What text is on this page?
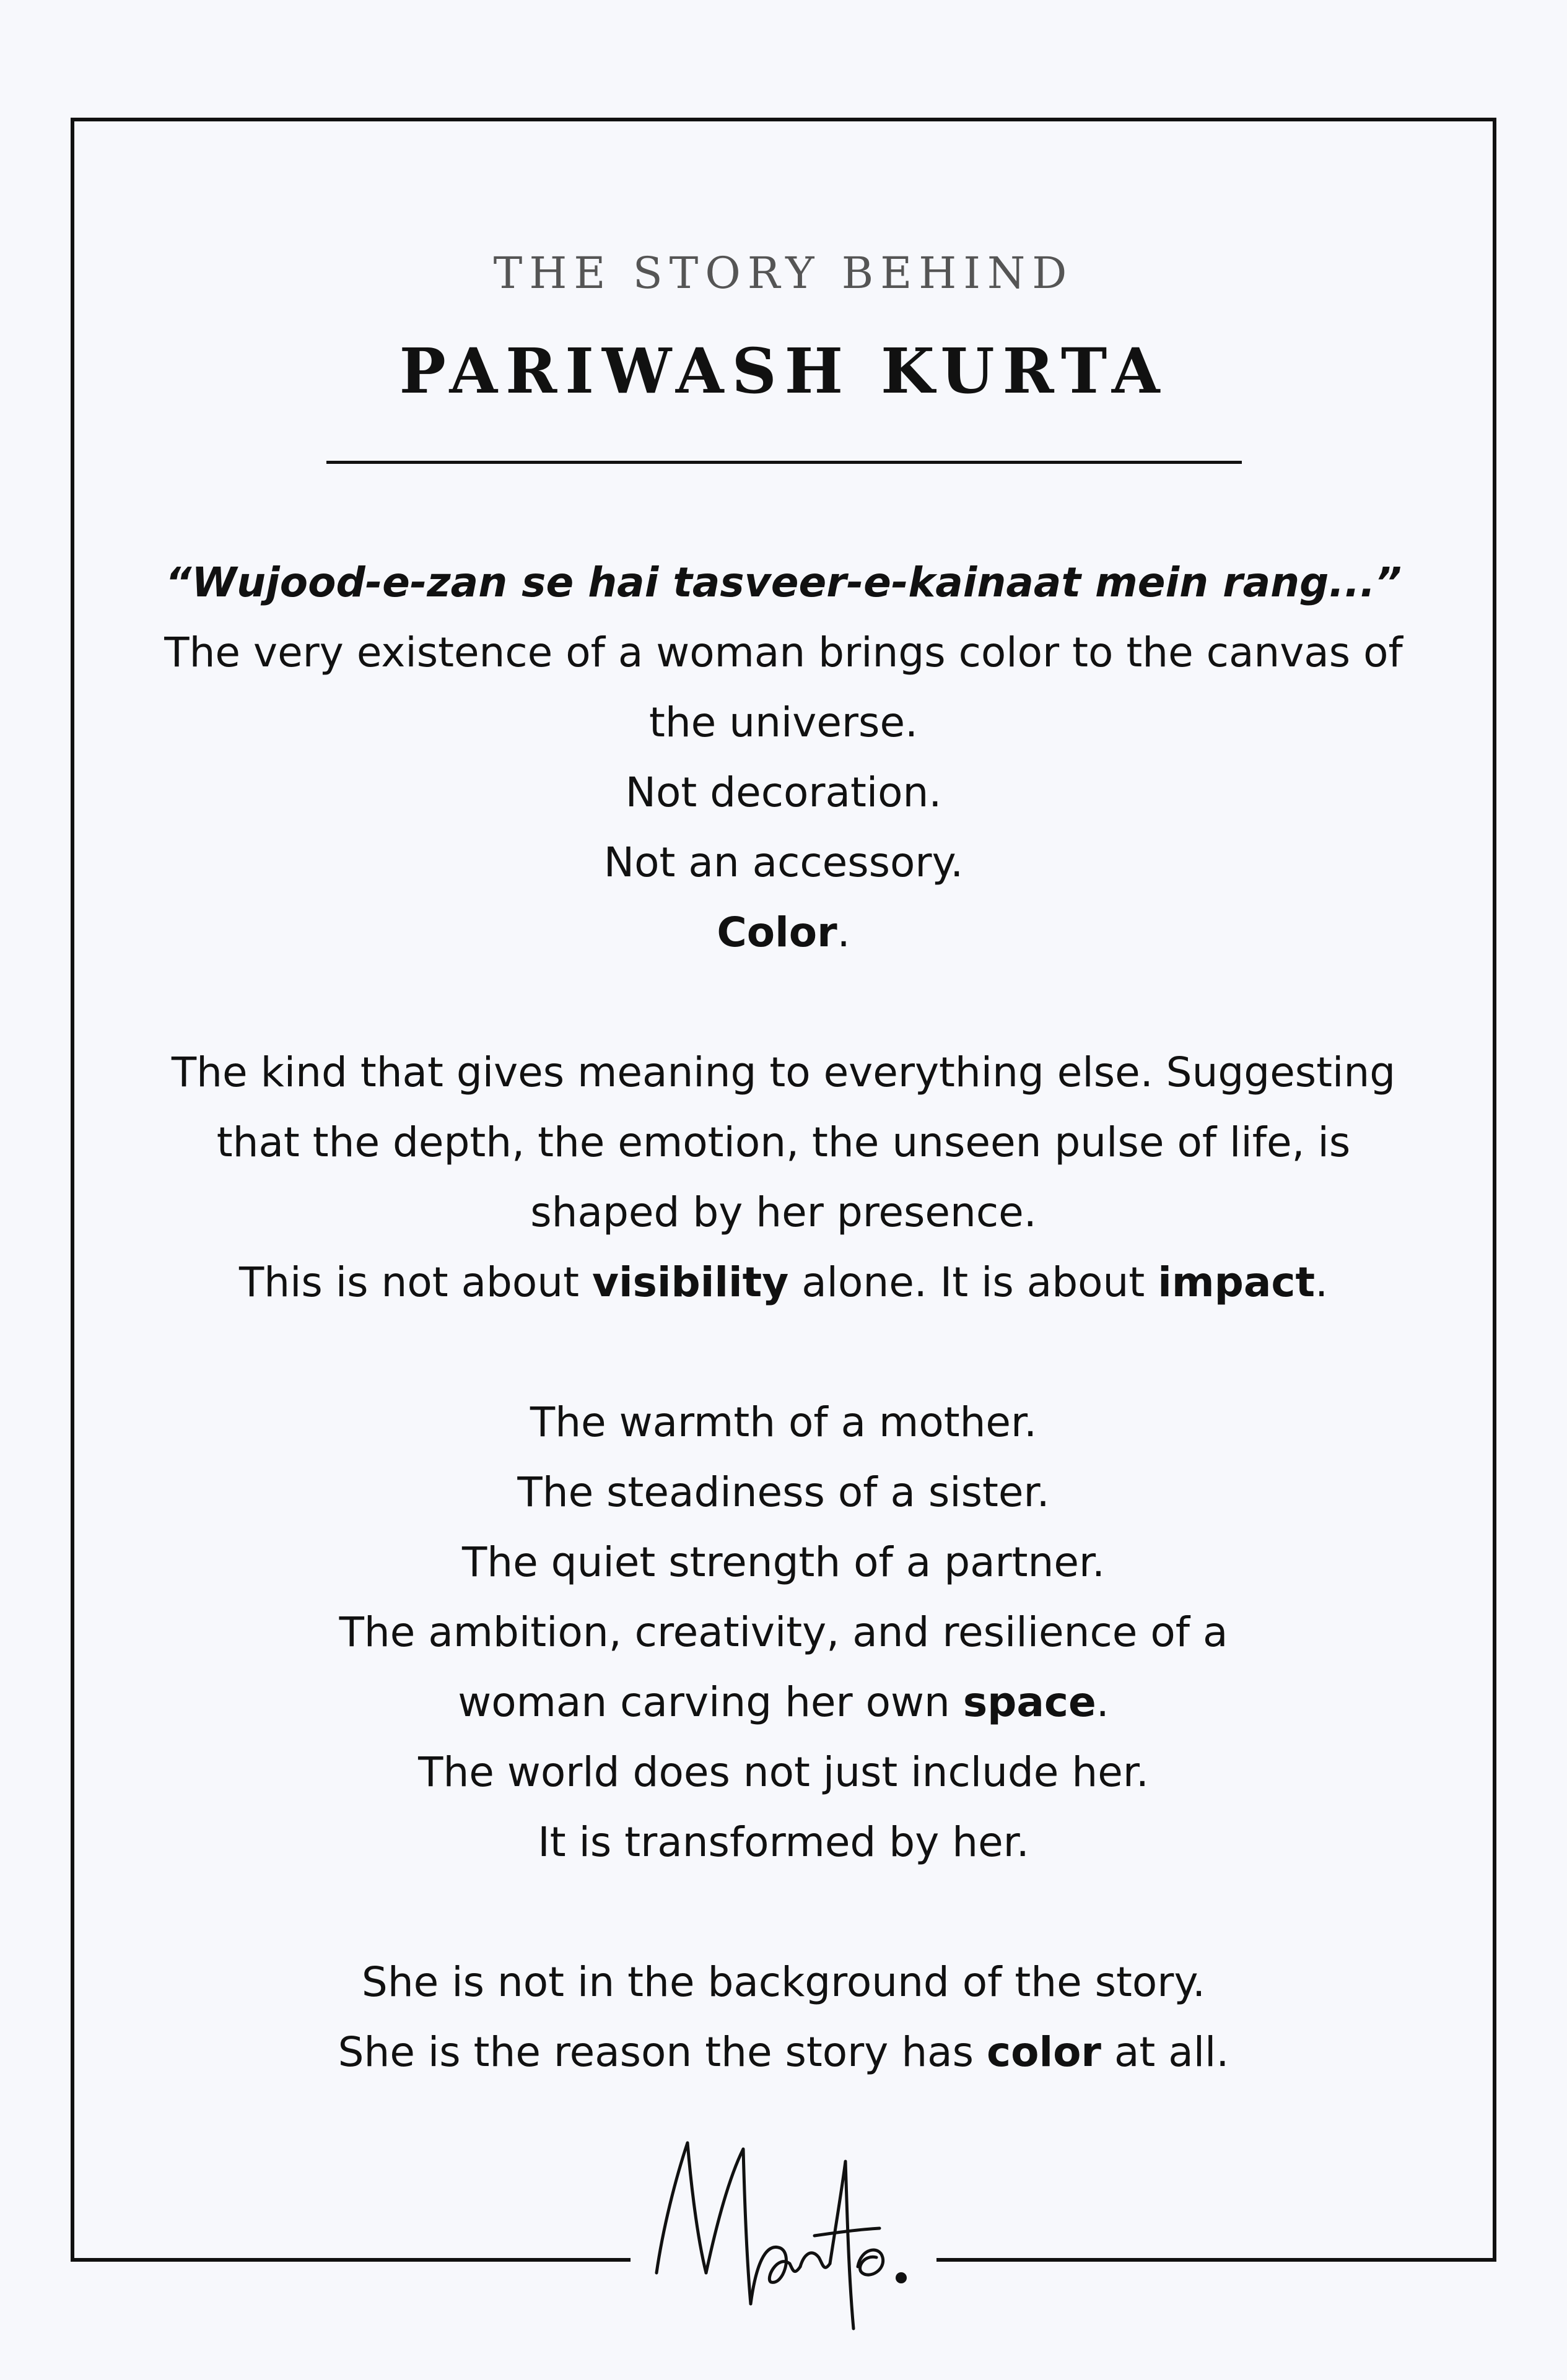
THE STORY BEHIND
PARIWASH KURTA

“Wujood-e-zan se hai tasveer-e-kainaat mein rang...”

The very existence of a woman brings color to the canvas of

the universe.

Not decoration.

Not an accessory.

Color.

The kind that gives meaning to everything else. Suggesting

that the depth, the emotion, the unseen pulse of life, is

shaped by her presence.

This is not about visibility alone. It is about impact.

The warmth of a mother.

The steadiness of a sister.

The quiet strength of a partner.

The ambition, creativity, and resilience of a

woman carving her own space.

The world does not just include her.

It is transformed by her.

She is not in the background of the story.

She is the reason the story has color at all.
